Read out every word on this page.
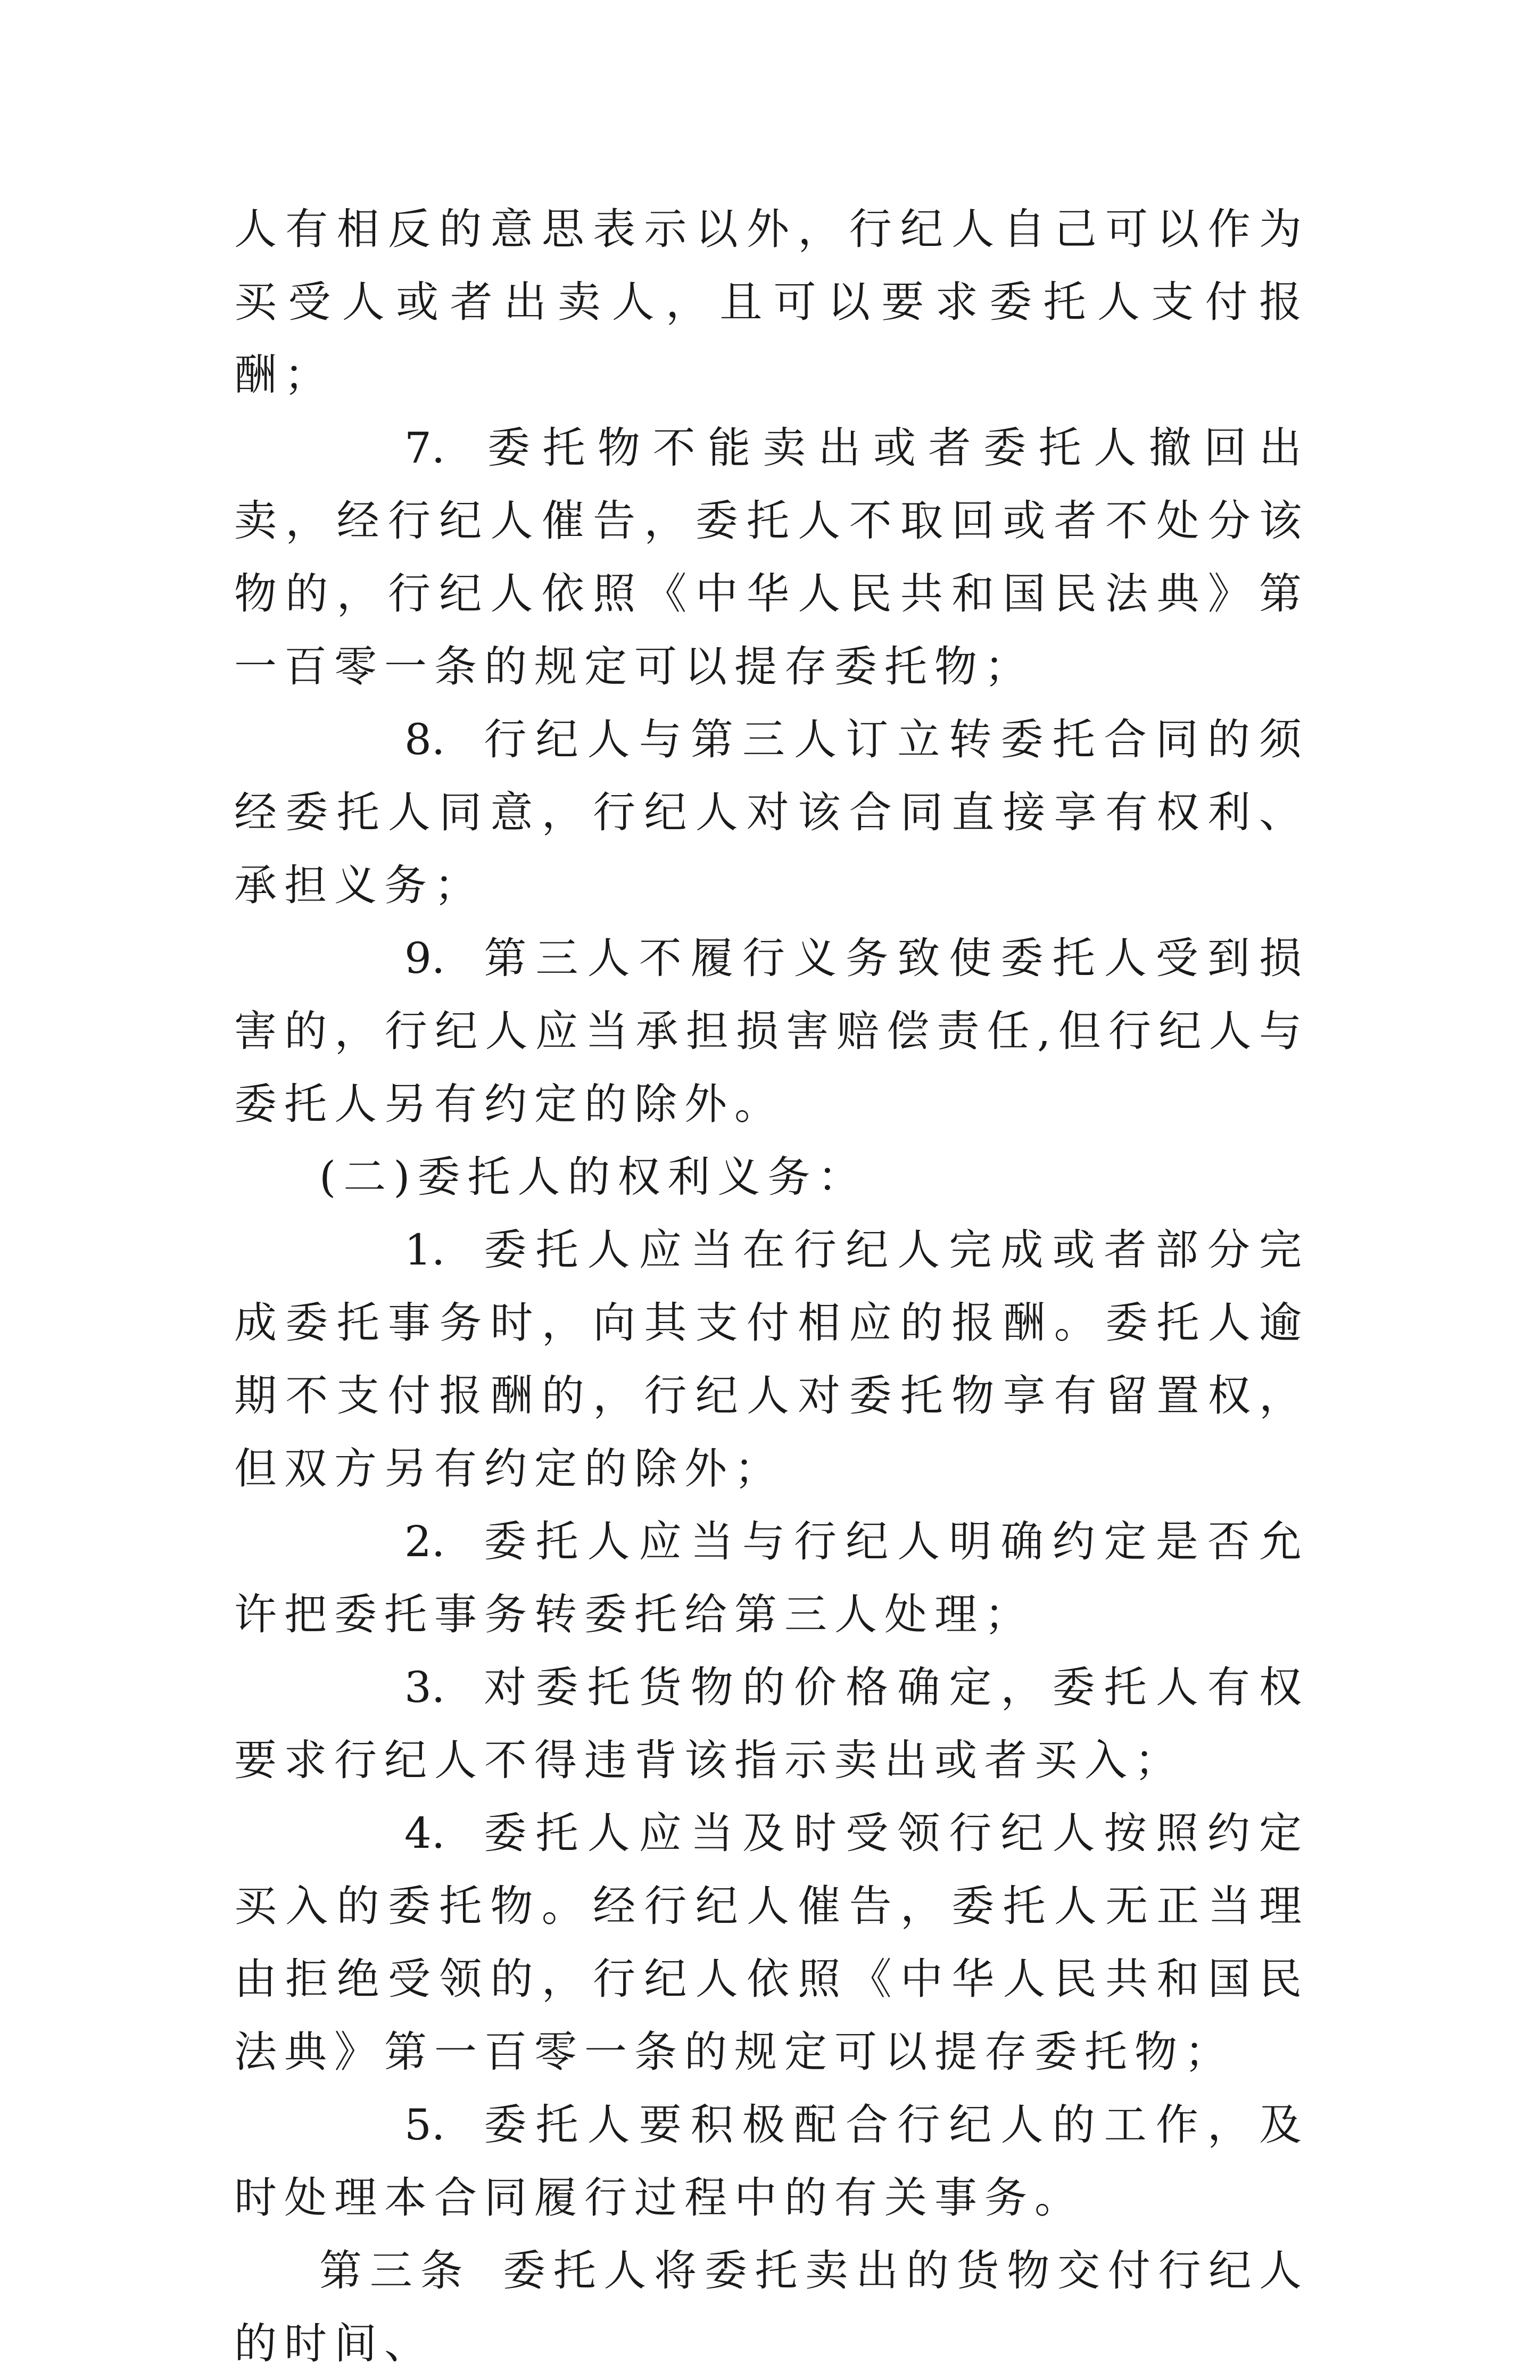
人有相反的意思表示以外，行纪人自己可以作为买受人或者出卖人，且可以要求委托人支付报酬；

7. 委托物不能卖出或者委托人撤回出卖，经行纪人催告，委托人不取回或者不处分该物的，行纪人依照《中华人民共和国民法典》第一百零一条的规定可以提存委托物；

8. 行纪人与第三人订立转委托合同的须经委托人同意，行纪人对该合同直接享有权利、承担义务；

9. 第三人不履行义务致使委托人受到损害的，行纪人应当承担损害赔偿责任,但行纪人与委托人另有约定的除外。

(二)委托人的权利义务：

1. 委托人应当在行纪人完成或者部分完成委托事务时，向其支付相应的报酬。委托人逾期不支付报酬的，行纪人对委托物享有留置权，但双方另有约定的除外；

2. 委托人应当与行纪人明确约定是否允许把委托事务转委托给第三人处理；

3. 对委托货物的价格确定，委托人有权要求行纪人不得违背该指示卖出或者买入；

4. 委托人应当及时受领行纪人按照约定买入的委托物。经行纪人催告，委托人无正当理由拒绝受领的，行纪人依照《中华人民共和国民法典》第一百零一条的规定可以提存委托物；

5. 委托人要积极配合行纪人的工作，及时处理本合同履行过程中的有关事务。

第三条 委托人将委托卖出的货物交付行纪人的时间、
